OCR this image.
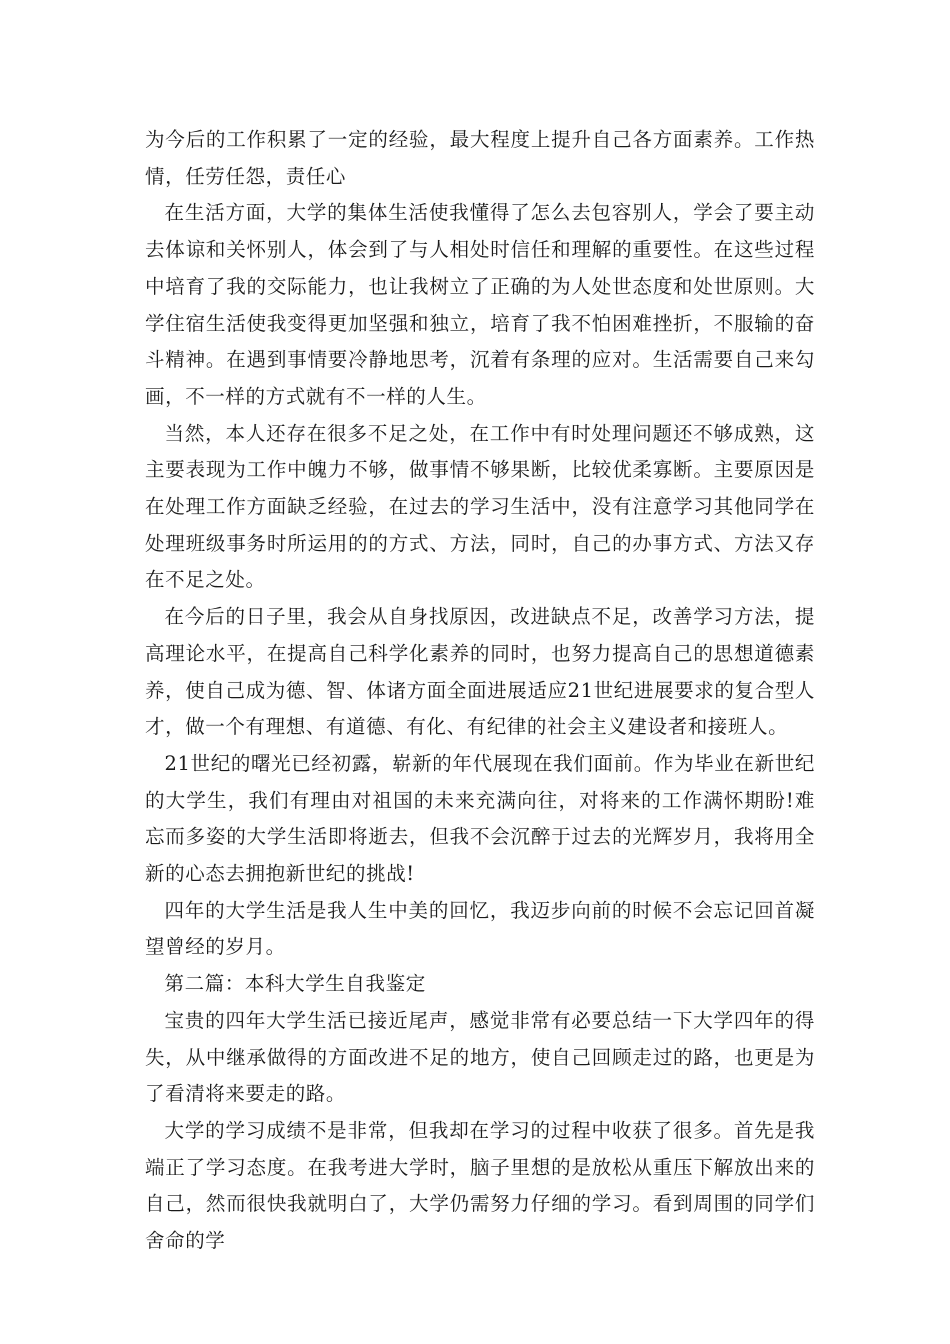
为今后的工作积累了一定的经验，最大程度上提升自己各方面素养。工作热情，任劳任怨，责任心

在生活方面，大学的集体生活使我懂得了怎么去包容别人，学会了要主动去体谅和关怀别人，体会到了与人相处时信任和理解的重要性。在这些过程中培育了我的交际能力，也让我树立了正确的为人处世态度和处世原则。大学住宿生活使我变得更加坚强和独立，培育了我不怕困难挫折，不服输的奋斗精神。在遇到事情要冷静地思考，沉着有条理的应对。生活需要自己来勾画，不一样的方式就有不一样的人生。

当然，本人还存在很多不足之处，在工作中有时处理问题还不够成熟，这主要表现为工作中魄力不够，做事情不够果断，比较优柔寡断。主要原因是在处理工作方面缺乏经验，在过去的学习生活中，没有注意学习其他同学在处理班级事务时所运用的的方式、方法，同时，自己的办事方式、方法又存在不足之处。

在今后的日子里，我会从自身找原因，改进缺点不足，改善学习方法，提高理论水平，在提高自己科学化素养的同时，也努力提高自己的思想道德素养，使自己成为德、智、体诸方面全面进展适应21世纪进展要求的复合型人才，做一个有理想、有道德、有化、有纪律的社会主义建设者和接班人。

21世纪的曙光已经初露，崭新的年代展现在我们面前。作为毕业在新世纪的大学生，我们有理由对祖国的未来充满向往，对将来的工作满怀期盼!难忘而多姿的大学生活即将逝去，但我不会沉醉于过去的光辉岁月，我将用全新的心态去拥抱新世纪的挑战!

四年的大学生活是我人生中美的回忆，我迈步向前的时候不会忘记回首凝望曾经的岁月。

第二篇：本科大学生自我鉴定

宝贵的四年大学生活已接近尾声，感觉非常有必要总结一下大学四年的得失，从中继承做得的方面改进不足的地方，使自己回顾走过的路，也更是为了看清将来要走的路。

大学的学习成绩不是非常，但我却在学习的过程中收获了很多。首先是我端正了学习态度。在我考进大学时，脑子里想的是放松从重压下解放出来的自己，然而很快我就明白了，大学仍需努力仔细的学习。看到周围的同学们舍命的学
